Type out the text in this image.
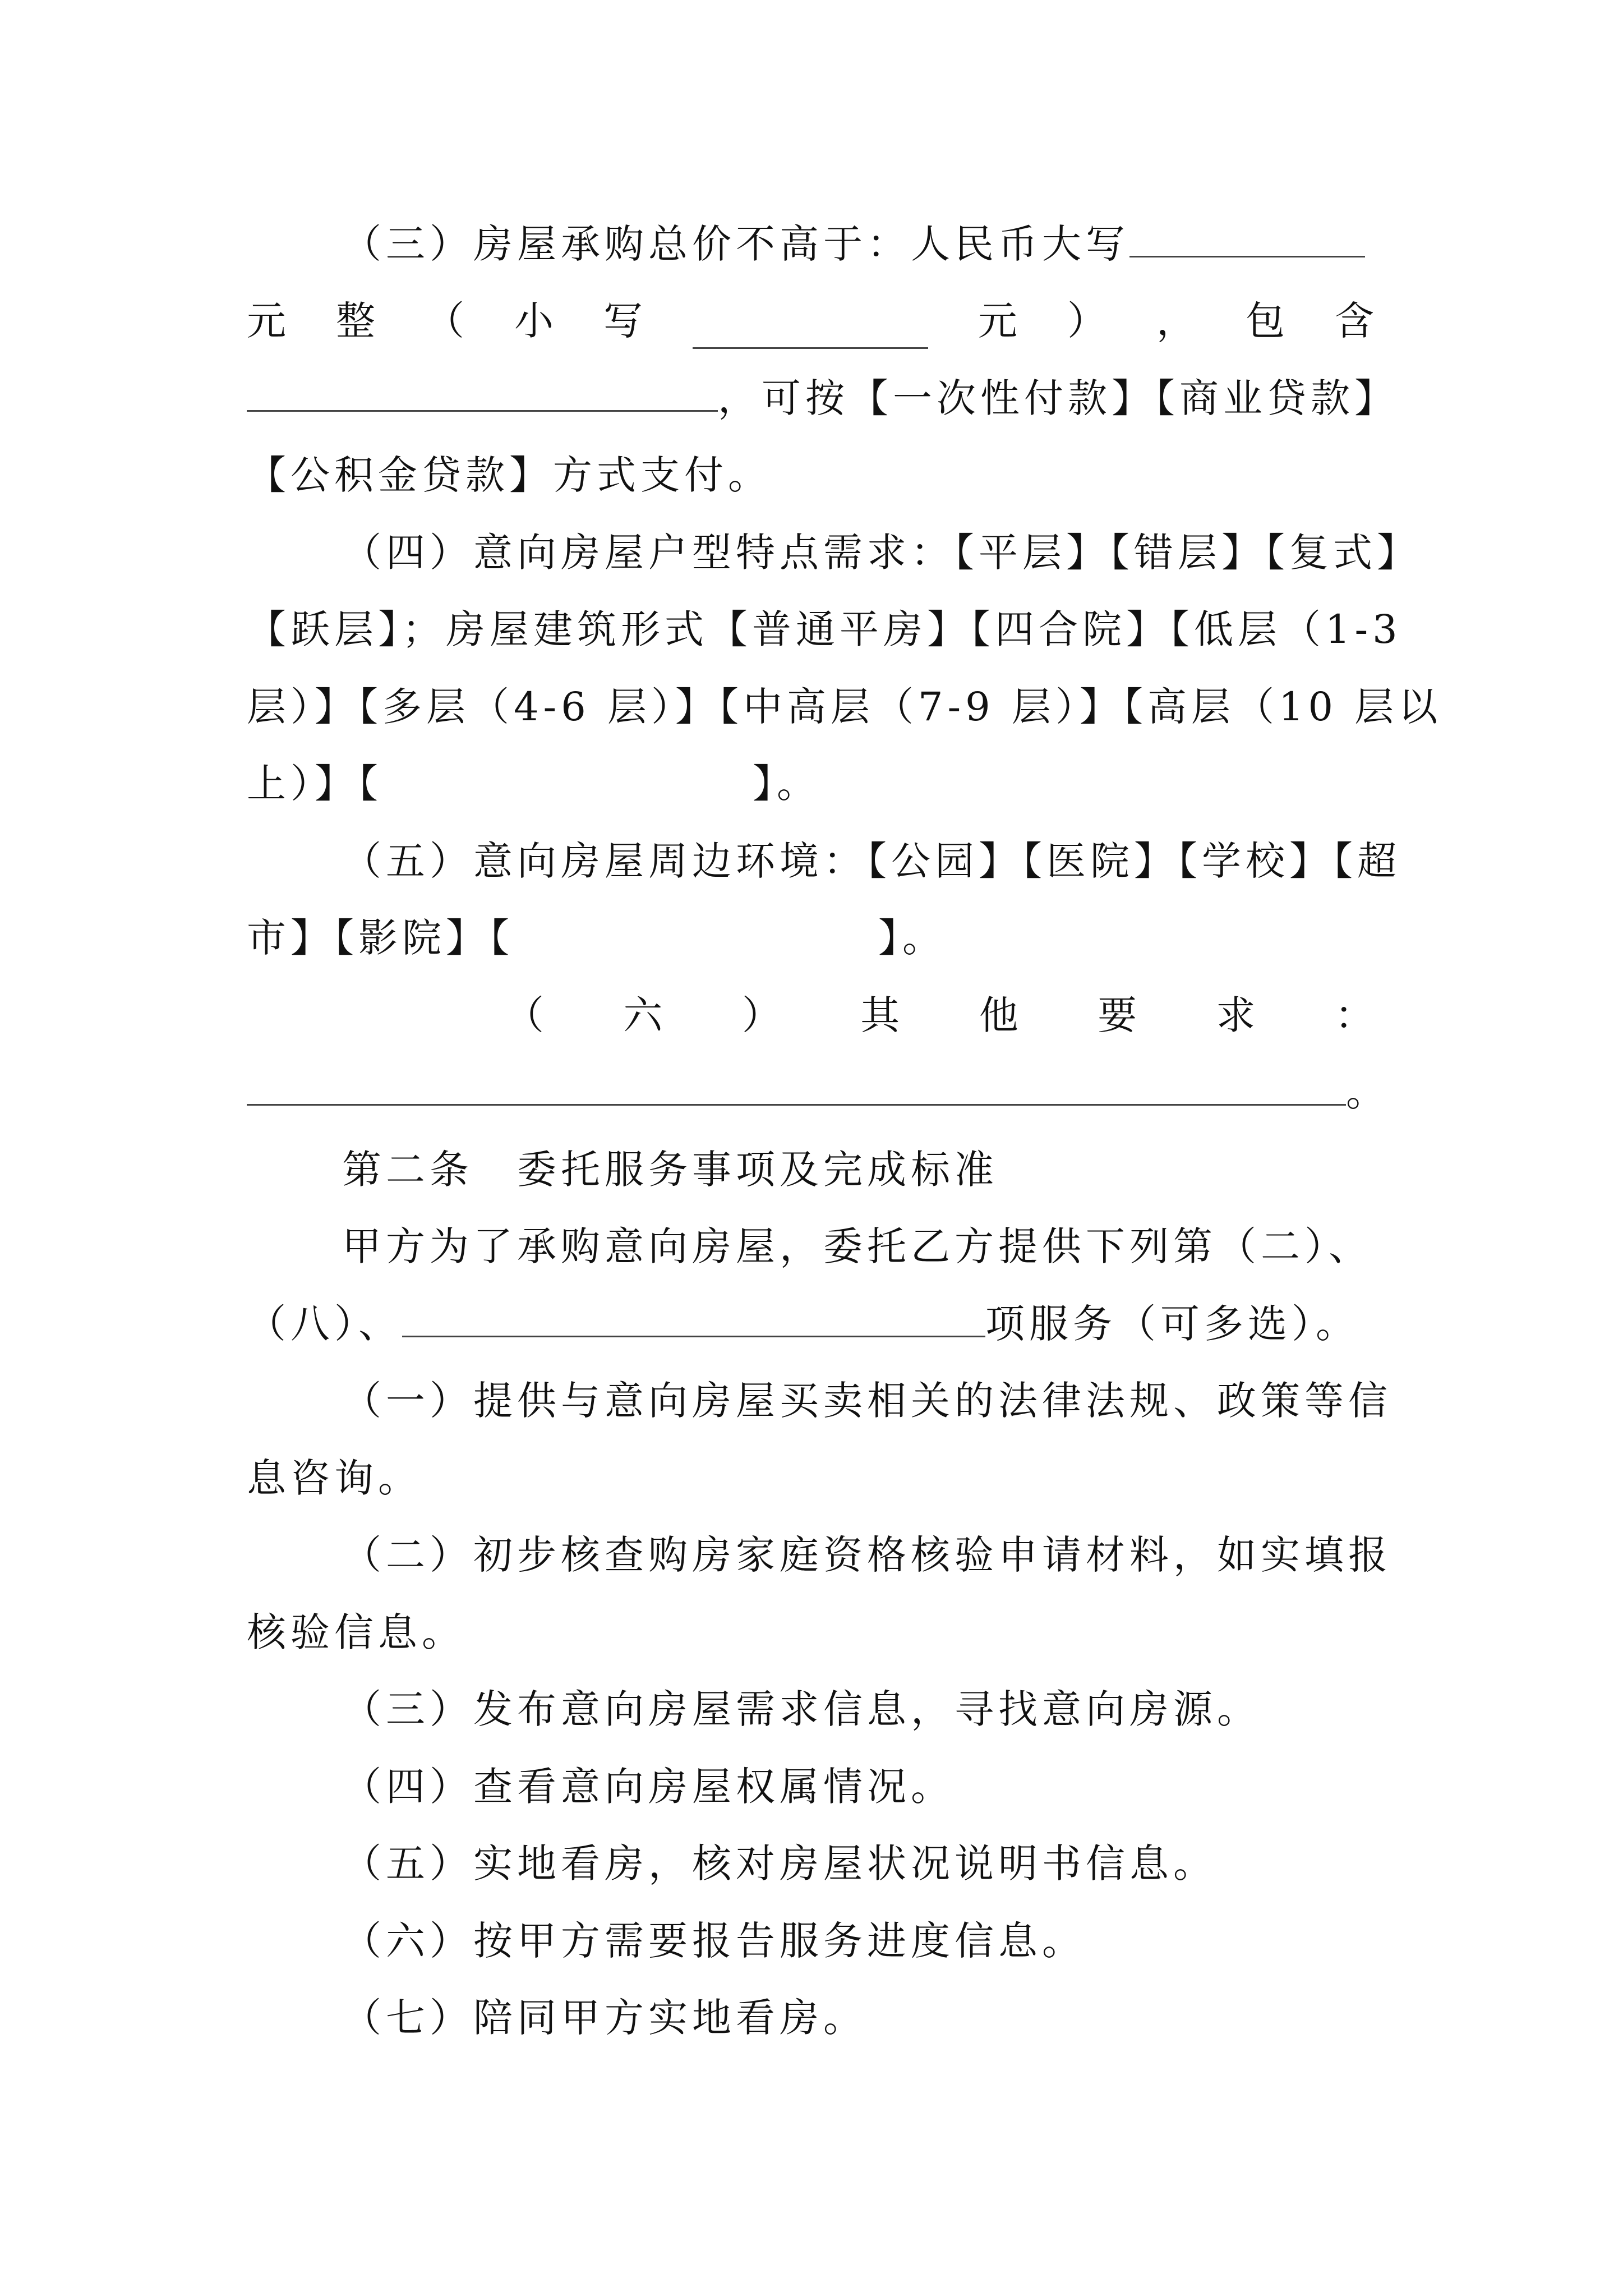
（三）房屋承购总价不高于：人民币大写
元 整 （ 小 写	元 ） ， 包 含
，可按【一次性付款】【商业贷款】
【公积金贷款】方式支付。
（四）意向房屋户型特点需求：【平层】【错层】【复式】
【跃层】；房屋建筑形式【普通平房】【四合院】【低层（1-3
层）】【多层（4-6 层）】【中高层（7-9 层）】【高层（10 层以
上）】【	】。
（五）意向房屋周边环境：【公园】【医院】【学校】【超
市】【影院】【	】。
（ 六 ） 其 他 要 求 ：
。
第二条　委托服务事项及完成标准
甲方为了承购意向房屋，委托乙方提供下列第（二）、
（八）、	项服务（可多选）。
（一）提供与意向房屋买卖相关的法律法规、政策等信
息咨询。
（二）初步核查购房家庭资格核验申请材料，如实填报
核验信息。
（三）发布意向房屋需求信息，寻找意向房源。
（四）查看意向房屋权属情况。
（五）实地看房，核对房屋状况说明书信息。
（六）按甲方需要报告服务进度信息。
（七）陪同甲方实地看房。
